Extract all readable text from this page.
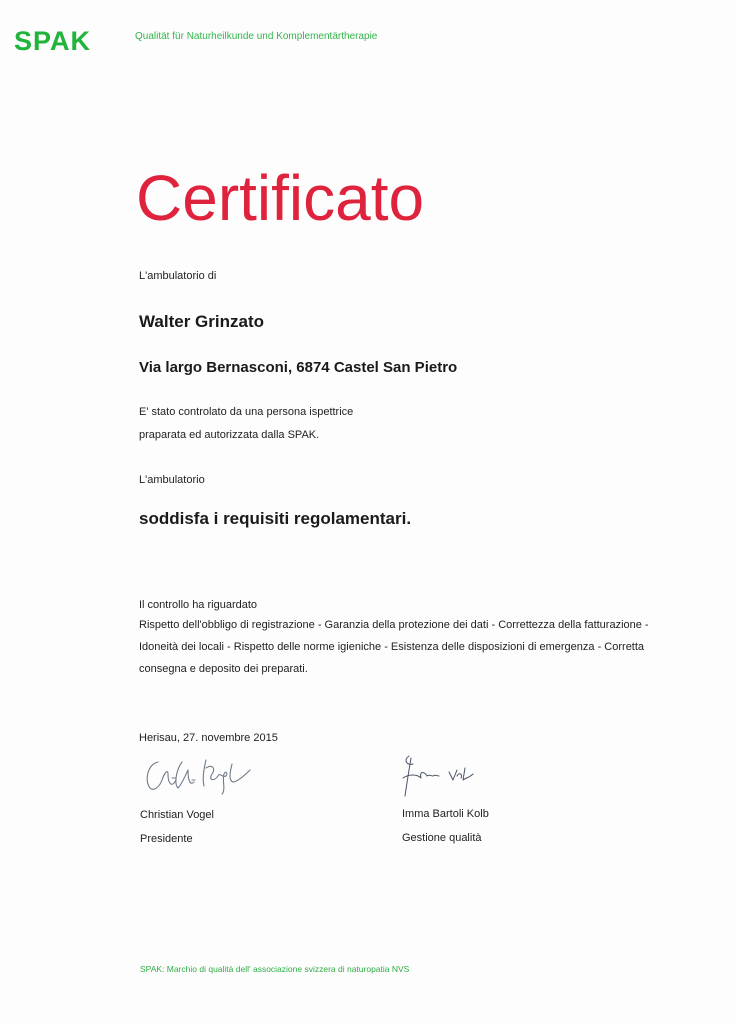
SPAK	Qualität für Naturheilkunde und Komplementärtherapie
Certificato
L'ambulatorio di
Walter Grinzato
Via largo Bernasconi, 6874 Castel San Pietro
E' stato controlato da una persona ispettrice
praparata ed autorizzata dalla SPAK.
L'ambulatorio
soddisfa i requisiti regolamentari.
Il controllo ha riguardato
Rispetto dell'obbligo di registrazione - Garanzia della protezione dei dati - Correttezza della fatturazione - Idoneità dei locali - Rispetto delle norme igieniche - Esistenza delle disposizioni di emergenza - Corretta consegna e deposito dei preparati.
Herisau, 27. novembre 2015
Christian Vogel
Presidente
Imma Bartoli Kolb
Gestione qualità
SPAK: Marchio di qualità dell' associazione svizzera di naturopatia NVS
